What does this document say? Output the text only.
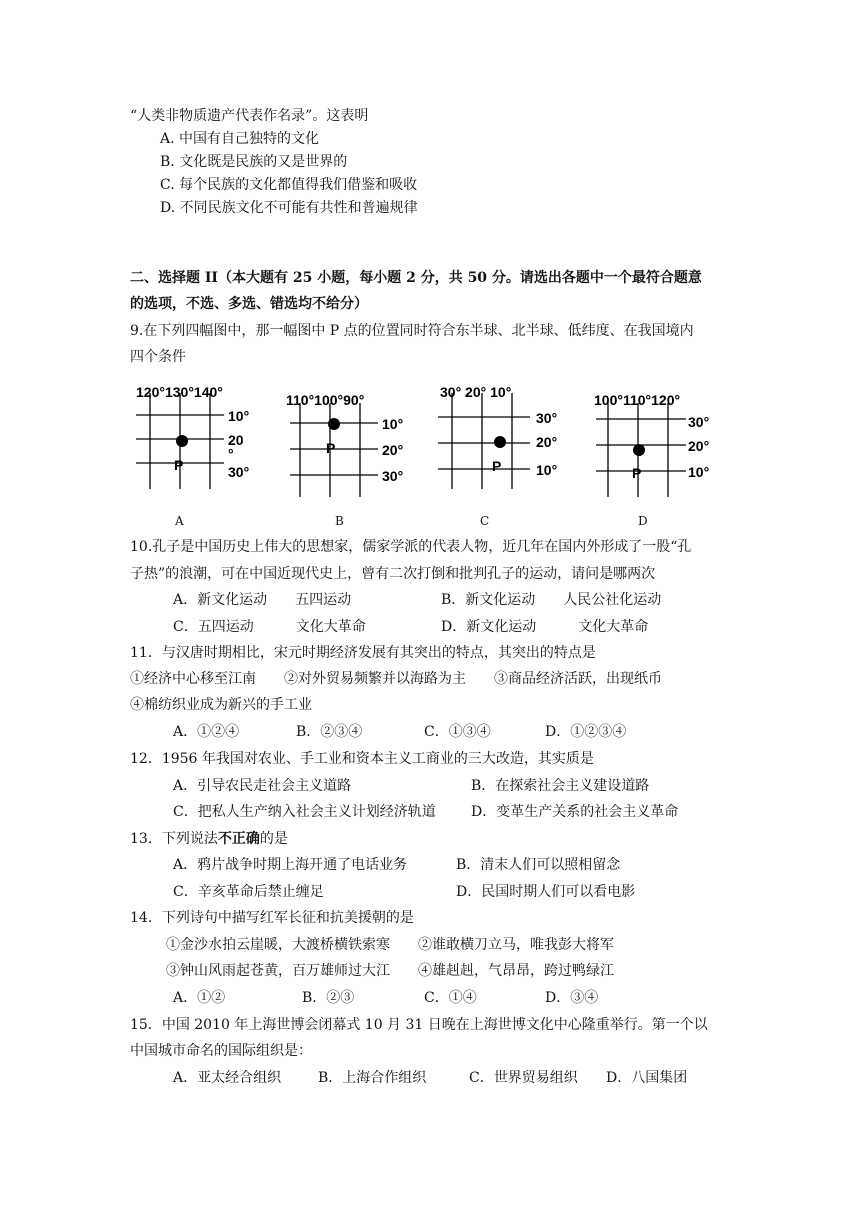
“人类非物质遗产代表作名录”。这表明
A. 中国有自己独特的文化
B. 文化既是民族的又是世界的
C. 每个民族的文化都值得我们借鉴和吸收
D. 不同民族文化不可能有共性和普遍规律
二、选择题 II（本大题有 25 小题，每小题 2 分，共 50 分。请选出各题中一个最符合题意
的选项，不选、多选、错选均不给分）
9.在下列四幅图中，那一幅图中 P 点的位置同时符合东半球、北半球、低纬度、在我国境内
四个条件
120°130°140°
10°
20
°
30°
P
A
110°100°90°
10°
20°
30°
P
B
30° 20° 10°
30°
20°
10°
P
C
100°110°120°
30°
20°
10°
P
D
10.孔子是中国历史上伟大的思想家，儒家学派的代表人物，近几年在国内外形成了一股“孔
子热”的浪潮，可在中国近现代史上，曾有二次打倒和批判孔子的运动，请问是哪两次
A．新文化运动　　五四运动	B．新文化运动　　人民公社化运动
C．五四运动　　　文化大革命	D．新文化运动　　　文化大革命
11．与汉唐时期相比，宋元时期经济发展有其突出的特点，其突出的特点是
①经济中心移至江南　　②对外贸易频繁并以海路为主　　③商品经济活跃，出现纸币
④棉纺织业成为新兴的手工业
A．①②④	B．②③④	C．①③④	D．①②③④
12．1956 年我国对农业、手工业和资本主义工商业的三大改造，其实质是
A．引导农民走社会主义道路	B．在探索社会主义建设道路
C．把私人生产纳入社会主义计划经济轨道	D．变革生产关系的社会主义革命
13．下列说法不正确的是
A．鸦片战争时期上海开通了电话业务	B．清末人们可以照相留念
C．辛亥革命后禁止缠足	D．民国时期人们可以看电影
14．下列诗句中描写红军长征和抗美援朝的是
①金沙水拍云崖暖，大渡桥横铁索寒　　②谁敢横刀立马，唯我彭大将军
③钟山风雨起苍黄，百万雄师过大江　　④雄赳赳，气昂昂，跨过鸭绿江
A．①②	B．②③	C．①④	D．③④
15．中国 2010 年上海世博会闭幕式 10 月 31 日晚在上海世博文化中心隆重举行。第一个以
中国城市命名的国际组织是：
A．亚太经合组织	B．上海合作组织	C．世界贸易组织 D．八国集团
